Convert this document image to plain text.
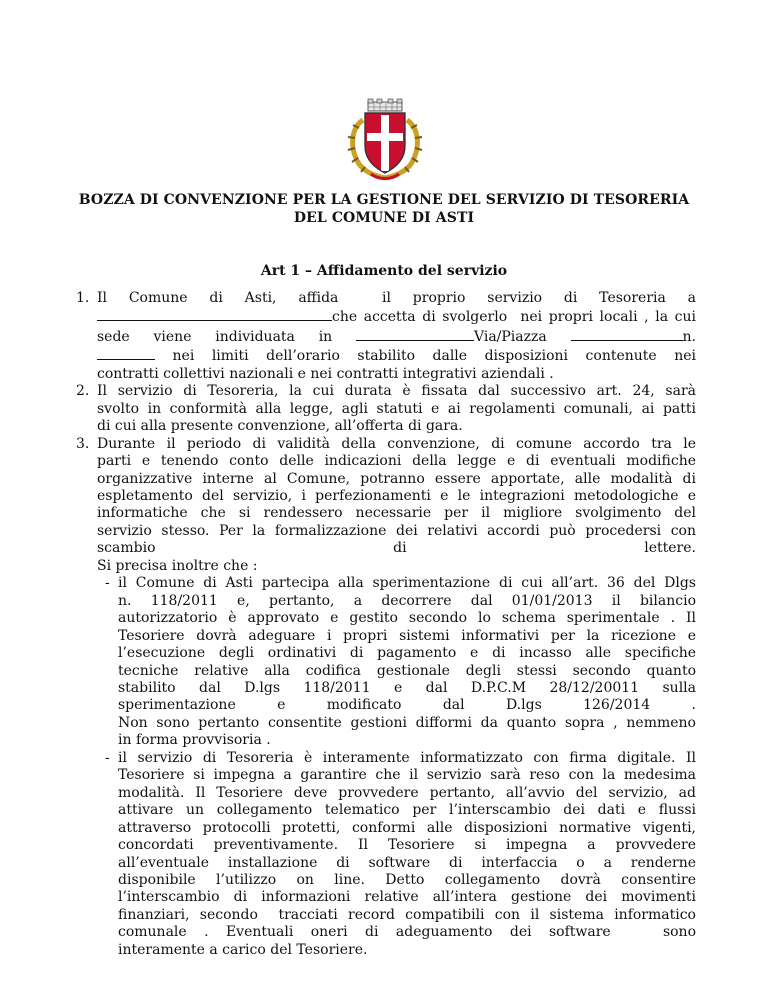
BOZZA DI CONVENZIONE PER LA GESTIONE DEL SERVIZIO DI TESORERIA
DEL COMUNE DI ASTI
Art 1 – Affidamento del servizio
1. Il  Comune  di  Asti,  affida    il  proprio  servizio  di  Tesoreria  a
che accetta di svolgerlo  nei propri locali , la cui
sede  viene  individuata  in	Via/Piazza	n.
nei  limiti  dell’orario  stabilito  dalle  disposizioni  contenute  nei
contratti collettivi nazionali e nei contratti integrativi aziendali .
2. Il servizio di Tesoreria, la cui durata è fissata dal successivo art. 24, sarà
svolto in conformità alla legge, agli statuti e ai regolamenti comunali, ai patti
di cui alla presente convenzione, all’offerta di gara.
3. Durante il periodo di validità della convenzione, di comune accordo tra le
parti e tenendo conto delle indicazioni della legge e di eventuali modifiche
organizzative interne al Comune, potranno essere apportate, alle modalità di
espletamento del servizio, i perfezionamenti e le integrazioni metodologiche e
informatiche che si rendessero necessarie per il migliore svolgimento del
servizio stesso. Per la formalizzazione dei relativi accordi può procedersi con
scambio di lettere.
Si precisa inoltre che :
- il Comune di Asti partecipa alla sperimentazione di cui all’art. 36 del Dlgs
n.  118/2011  e,  pertanto,  a  decorrere  dal  01/01/2013  il  bilancio
autorizzatorio è approvato e gestito secondo lo schema sperimentale . Il
Tesoriere dovrà adeguare i propri sistemi informativi per la ricezione e
l’esecuzione degli ordinativi di pagamento e di incasso alle specifiche
tecniche relative alla codifica gestionale degli stessi secondo quanto
stabilito  dal  D.lgs  118/2011  e  dal  D.P.C.M  28/12/20011  sulla
sperimentazione e modificato dal D.lgs 126/2014 .
Non sono pertanto consentite gestioni difformi da quanto sopra , nemmeno
in forma provvisoria .
- il servizio di Tesoreria è interamente informatizzato con firma digitale. Il
Tesoriere si impegna a garantire che il servizio sarà reso con la medesima
modalità. Il Tesoriere deve provvedere pertanto, all’avvio del servizio, ad
attivare un collegamento telematico per l’interscambio dei dati e flussi
attraverso protocolli protetti, conformi alle disposizioni normative vigenti,
concordati  preventivamente.  Il  Tesoriere  si  impegna  a  provvedere
all’eventuale  installazione  di  software  di  interfaccia  o  a  renderne
disponibile  l’utilizzo  on  line.  Detto  collegamento  dovrà  consentire
l’interscambio di informazioni relative all’intera gestione dei movimenti
finanziari, secondo  tracciati record compatibili con il sistema informatico
comunale  .  Eventuali  oneri  di  adeguamento  dei  software      sono
interamente a carico del Tesoriere.
